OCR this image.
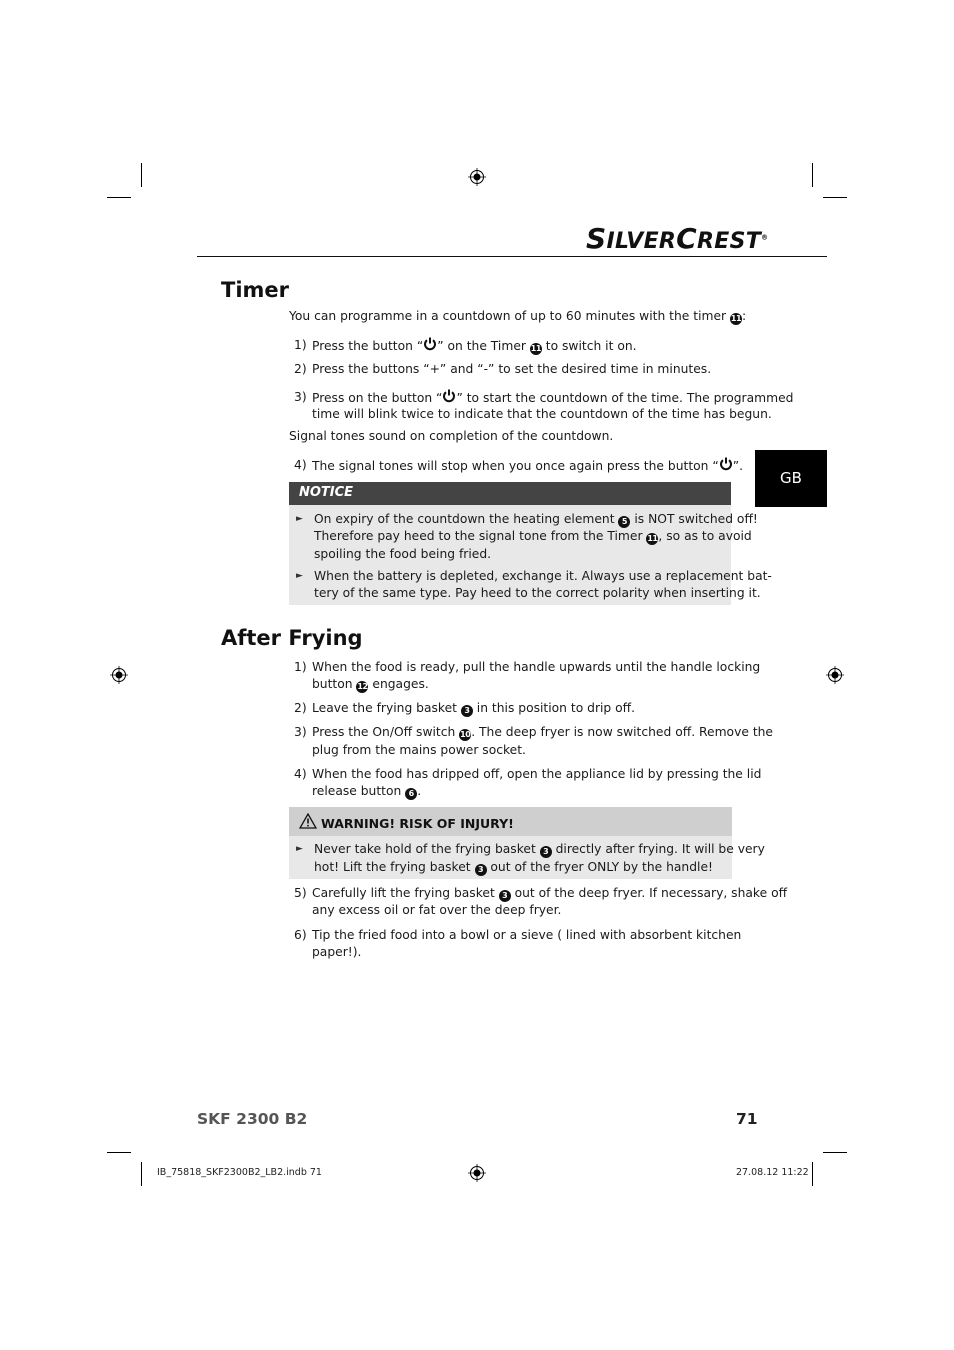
SILVERCREST®
GB
Timer
You can programme in a countdown of up to 60 minutes with the timer 11:
1) Press the button “ ” on the Timer 11 to switch it on.
2) Press the buttons “+” and “-” to set the desired time in minutes.
3) Press on the button “ ” to start the countdown of the time. The programmed
time will blink twice to indicate that the countdown of the time has begun.
Signal tones sound on completion of the countdown.
4) The signal tones will stop when you once again press the button “ ”.
NOTICE
► On expiry of the countdown the heating element 5 is NOT switched off!
Therefore pay heed to the signal tone from the Timer 11, so as to avoid
spoiling the food being fried.
► When the battery is depleted, exchange it. Always use a replacement bat-
tery of the same type. Pay heed to the correct polarity when inserting it.
After Frying
1) When the food is ready, pull the handle upwards until the handle locking
button 12 engages.
2) Leave the frying basket 3 in this position to drip off.
3) Press the On/Off switch 10. The deep fryer is now switched off. Remove the
plug from the mains power socket.
4) When the food has dripped off, open the appliance lid by pressing the lid
release button 6 .
WARNING! RISK OF INJURY!
► Never take hold of the frying basket 3 directly after frying. It will be very
hot! Lift the frying basket 3 out of the fryer ONLY by the handle!
5) Carefully lift the frying basket 3 out of the deep fryer. If necessary, shake off
any excess oil or fat over the deep fryer.
6) Tip the fried food into a bowl or a sieve ( lined with absorbent kitchen
paper!).
SKF 2300 B2	71
IB_75818_SKF2300B2_LB2.indb 71	27.08.12 11:22
